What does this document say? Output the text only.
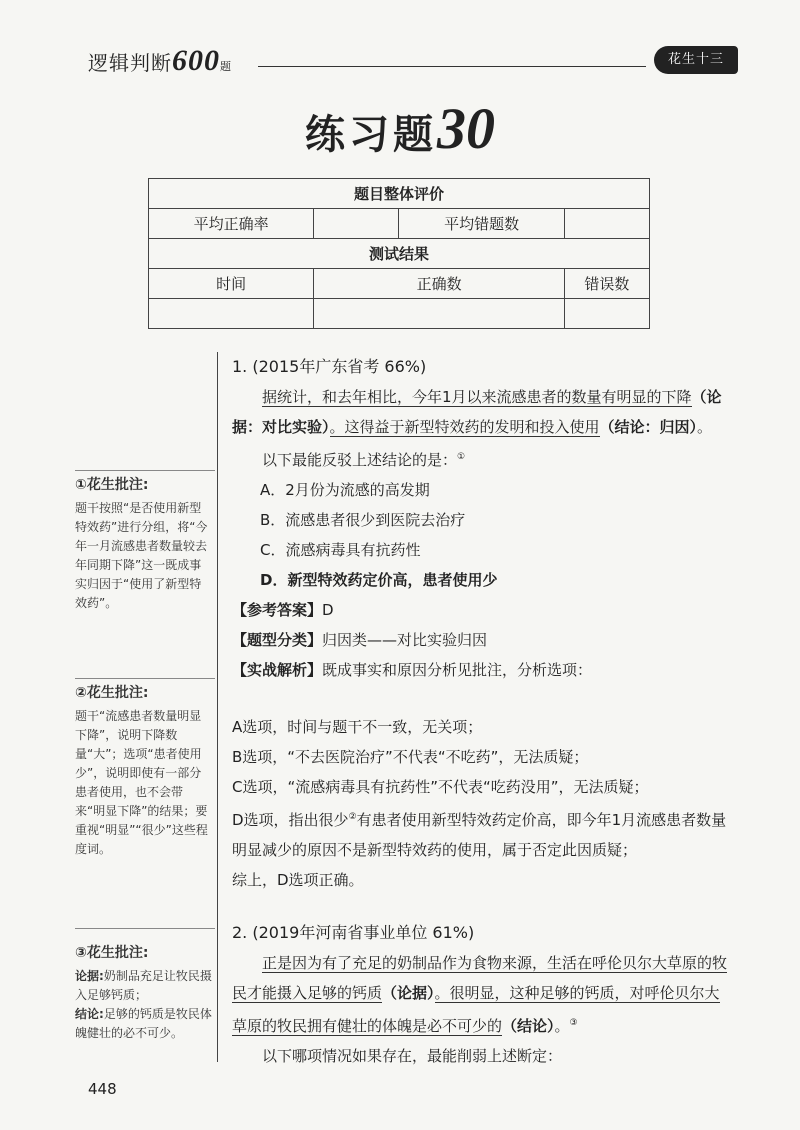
逻辑判断600题	花生十三
练习题30
题目整体评价			
平均正确率		平均错题数	
测试结果			
时间	正确数		错误数

①花生批注:
题干按照“是否使用新型特效药”进行分组，将“今年一月流感患者数量较去年同期下降”这一既成事实归因于“使用了新型特效药”。
②花生批注:
题干“流感患者数量明显下降”，说明下降数量“大”；选项“患者使用少”，说明即使有一部分患者使用，也不会带来“明显下降”的结果；要重视“明显”“很少”这些程度词。
③花生批注:
论据:奶制品充足让牧民摄入足够钙质；
结论:足够的钙质是牧民体魄健壮的必不可少。
1. (2015年广东省考 66%)
据统计，和去年相比，今年1月以来流感患者的数量有明显的下降（论据：对比实验）。这得益于新型特效药的发明和投入使用（结论：归因）。
以下最能反驳上述结论的是：①
A．2月份为流感的高发期
B．流感患者很少到医院去治疗
C．流感病毒具有抗药性
D．新型特效药定价高，患者使用少
【参考答案】D
【题型分类】归因类——对比实验归因
【实战解析】既成事实和原因分析见批注，分析选项：
A选项，时间与题干不一致，无关项；
B选项，“不去医院治疗”不代表“不吃药”，无法质疑；
C选项，“流感病毒具有抗药性”不代表“吃药没用”，无法质疑；
D选项，指出很少②有患者使用新型特效药定价高，即今年1月流感患者数量明显减少的原因不是新型特效药的使用，属于否定此因质疑；
综上，D选项正确。
2. (2019年河南省事业单位 61%)
正是因为有了充足的奶制品作为食物来源，生活在呼伦贝尔大草原的牧民才能摄入足够的钙质（论据）。很明显，这种足够的钙质，对呼伦贝尔大草原的牧民拥有健壮的体魄是必不可少的（结论）。③
以下哪项情况如果存在，最能削弱上述断定：
448
